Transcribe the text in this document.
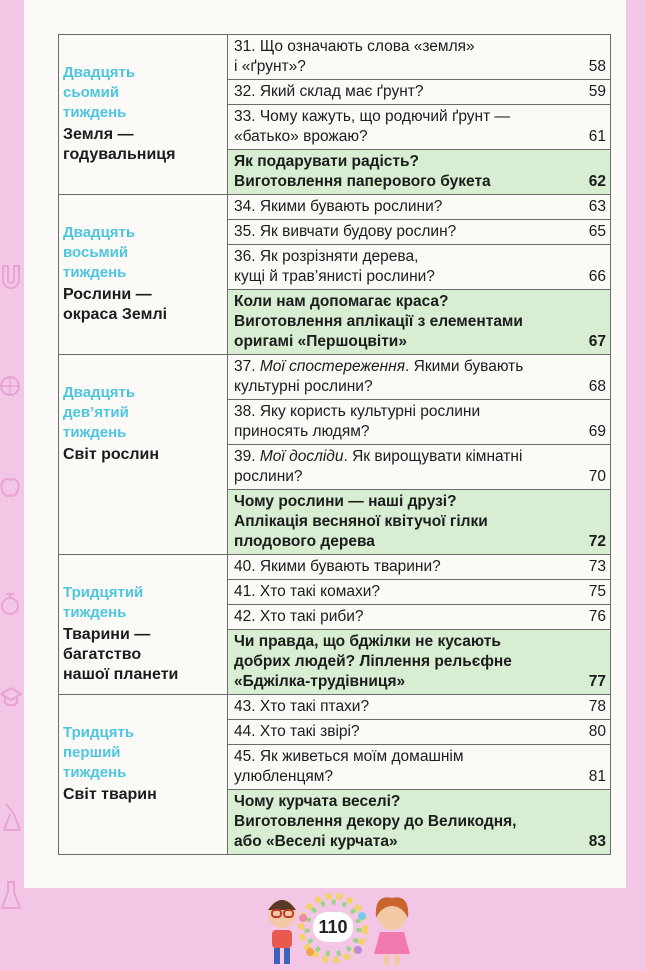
Двадцять
сьомий
тиждень
Земля —
годувальниця	31. Що означають слова «земля»
і «ґрунт»? 58

	32. Який склад має ґрунт? 59

	33. Чому кажуть, що родючий ґрунт —
«батько» врожаю? 61

	Як подарувати радість?
Виготовлення паперового букета 62

Двадцять
восьмий
тиждень
Рослини —
окраса Землі	34. Якими бувають рослини? 63

	35. Як вивчати будову рослин? 65

	36. Як розрізняти дерева,
кущі й трав’янисті рослини? 66

	Коли нам допомагає краса?
Виготовлення аплікації з елементами
оригамі «Першоцвіти» 67

Двадцять
дев’ятий
тиждень
Світ рослин	37. Мої спостереження. Якими бувають
культурні рослини? 68

	38. Яку користь культурні рослини
приносять людям? 69

	39. Мої досліди. Як вирощувати кімнатні
рослини? 70

	Чому рослини — наші друзі?
Аплікація весняної квітучої гілки
плодового дерева 72

Тридцятий
тиждень
Тварини —
багатство
нашої планети	40. Якими бувають тварини? 73

	41. Хто такі комахи? 75

	42. Хто такі риби? 76

	Чи правда, що бджілки не кусають
добрих людей? Ліплення рельєфне
«Бджілка-трудівниця» 77

Тридцять
перший
тиждень
Світ тварин	43. Хто такі птахи? 78

	44. Хто такі звірі? 80

	45. Як живеться моїм домашнім
улюбленцям? 81

	Чому курчата веселі?
Виготовлення декору до Великодня,
або «Веселі курчата» 83
110
